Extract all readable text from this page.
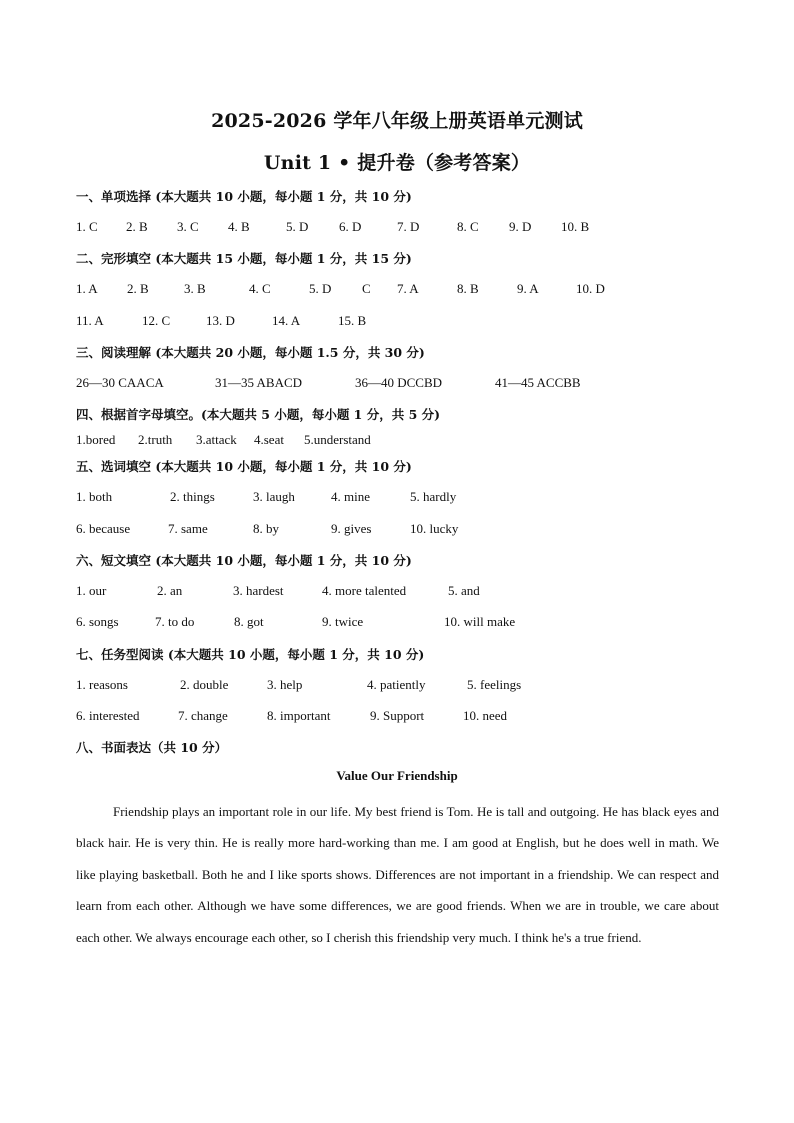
2025-2026 学年八年级上册英语单元测试
Unit 1 • 提升卷（参考答案）
一、单项选择 (本大题共 10 小题，每小题 1 分，共 10 分)
1. C 2. B 3. C 4. B	5. D 6. D	7. D	8. C 9. D 10. B
二、完形填空 (本大题共 15 小题，每小题 1 分，共 15 分)
1. A 2. B	3. B	4. C	5. D C 7. A	8. B	9. A	10. D
11. A	12. C	13. D	14. A	15. B
三、阅读理解 (本大题共 20 小题，每小题 1.5 分，共 30 分)
26—30 CAACA	31—35 ABACD	36—40 DCCBD	41—45 ACCBB
四、根据首字母填空。(本大题共 5 小题，每小题 1 分，共 5 分)
1.bored 2.truth 3.attack 4.seat 5.understand
五、选词填空 (本大题共 10 小题，每小题 1 分，共 10 分)
1. both	2. things	3. laugh	4. mine	5. hardly
6. because	7. same	8. by	9. gives	10. lucky
六、短文填空 (本大题共 10 小题，每小题 1 分，共 10 分)
1. our	2. an	3. hardest	4. more talented	5. and
6. songs	7. to do	8. got	9. twice	10. will make
七、任务型阅读 (本大题共 10 小题，每小题 1 分，共 10 分)
1. reasons	2. double	3. help	4. patiently	5. feelings
6. interested	7. change	8. important	9. Support	10. need
八、书面表达（共 10 分）
Value Our Friendship

Friendship plays an important role in our life. My best friend is Tom. He is tall and outgoing. He has black eyes and black hair. He is very thin. He is really more hard-working than me. I am good at English, but he does well in math. We like playing basketball. Both he and I like sports shows. Differences are not important in a friendship. We can respect and learn from each other. Although we have some differences, we are good friends. When we are in trouble, we care about each other. We always encourage each other, so I cherish this friendship very much. I think he's a true friend.
